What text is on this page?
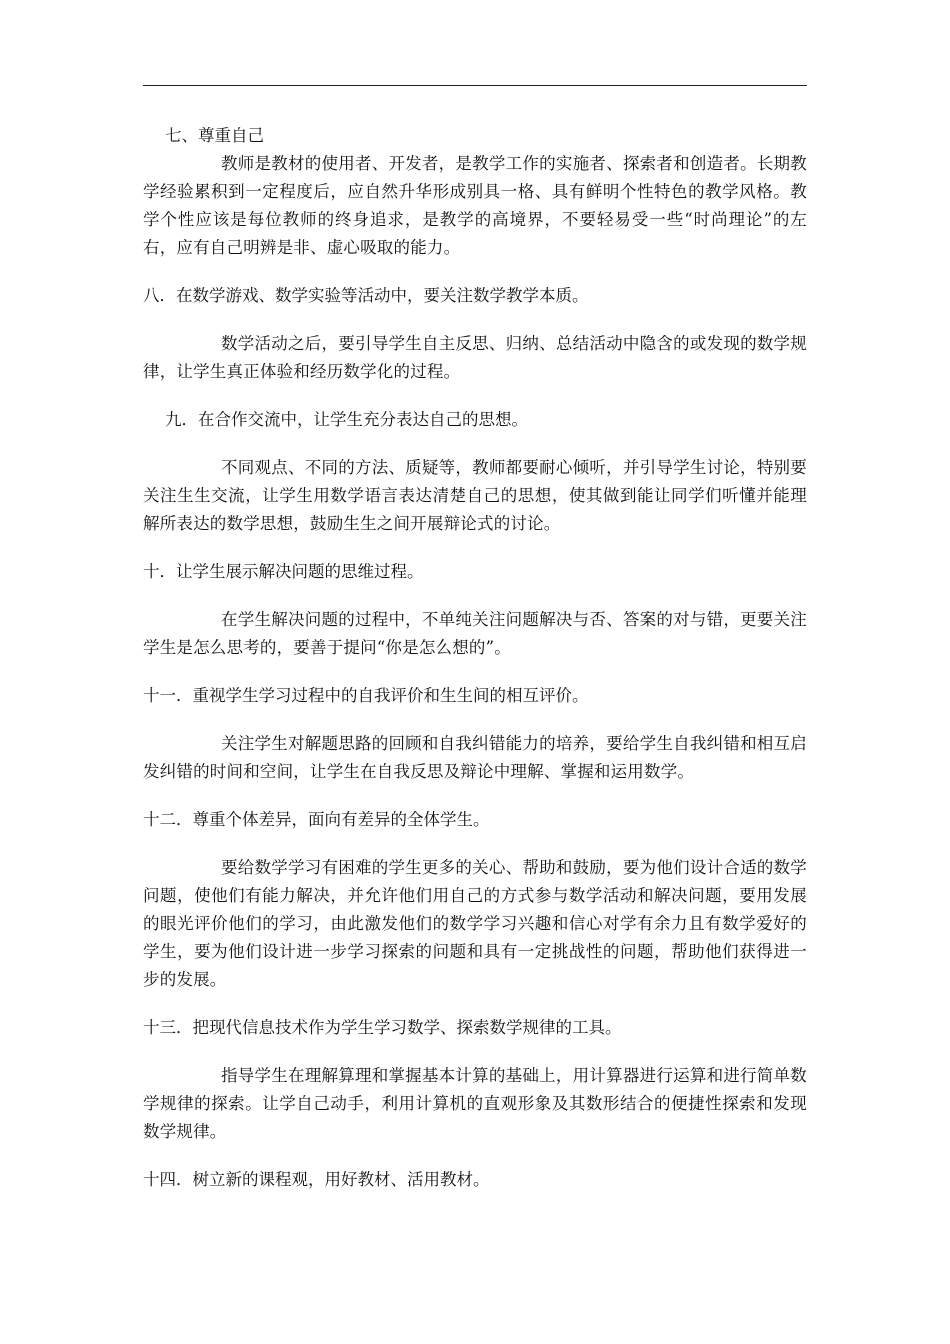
七、尊重自己

教师是教材的使用者、开发者，是教学工作的实施者、探索者和创造者。长期教学经验累积到一定程度后，应自然升华形成别具一格、具有鲜明个性特色的教学风格。教学个性应该是每位教师的终身追求，是教学的高境界，不要轻易受一些“时尚理论”的左右，应有自己明辨是非、虚心吸取的能力。

八．在数学游戏、数学实验等活动中，要关注数学教学本质。

数学活动之后，要引导学生自主反思、归纳、总结活动中隐含的或发现的数学规律，让学生真正体验和经历数学化的过程。

九．在合作交流中，让学生充分表达自己的思想。

不同观点、不同的方法、质疑等，教师都要耐心倾听，并引导学生讨论，特别要关注生生交流，让学生用数学语言表达清楚自己的思想，使其做到能让同学们听懂并能理解所表达的数学思想，鼓励生生之间开展辩论式的讨论。

十．让学生展示解决问题的思维过程。

在学生解决问题的过程中，不单纯关注问题解决与否、答案的对与错，更要关注学生是怎么思考的，要善于提问“你是怎么想的”。

十一．重视学生学习过程中的自我评价和生生间的相互评价。

关注学生对解题思路的回顾和自我纠错能力的培养，要给学生自我纠错和相互启发纠错的时间和空间，让学生在自我反思及辩论中理解、掌握和运用数学。

十二．尊重个体差异，面向有差异的全体学生。

要给数学学习有困难的学生更多的关心、帮助和鼓励，要为他们设计合适的数学问题，使他们有能力解决，并允许他们用自己的方式参与数学活动和解决问题，要用发展的眼光评价他们的学习，由此激发他们的数学学习兴趣和信心对学有余力且有数学爱好的学生，要为他们设计进一步学习探索的问题和具有一定挑战性的问题，帮助他们获得进一步的发展。

十三．把现代信息技术作为学生学习数学、探索数学规律的工具。

指导学生在理解算理和掌握基本计算的基础上，用计算器进行运算和进行简单数学规律的探索。让学自己动手，利用计算机的直观形象及其数形结合的便捷性探索和发现数学规律。

十四．树立新的课程观，用好教材、活用教材。
